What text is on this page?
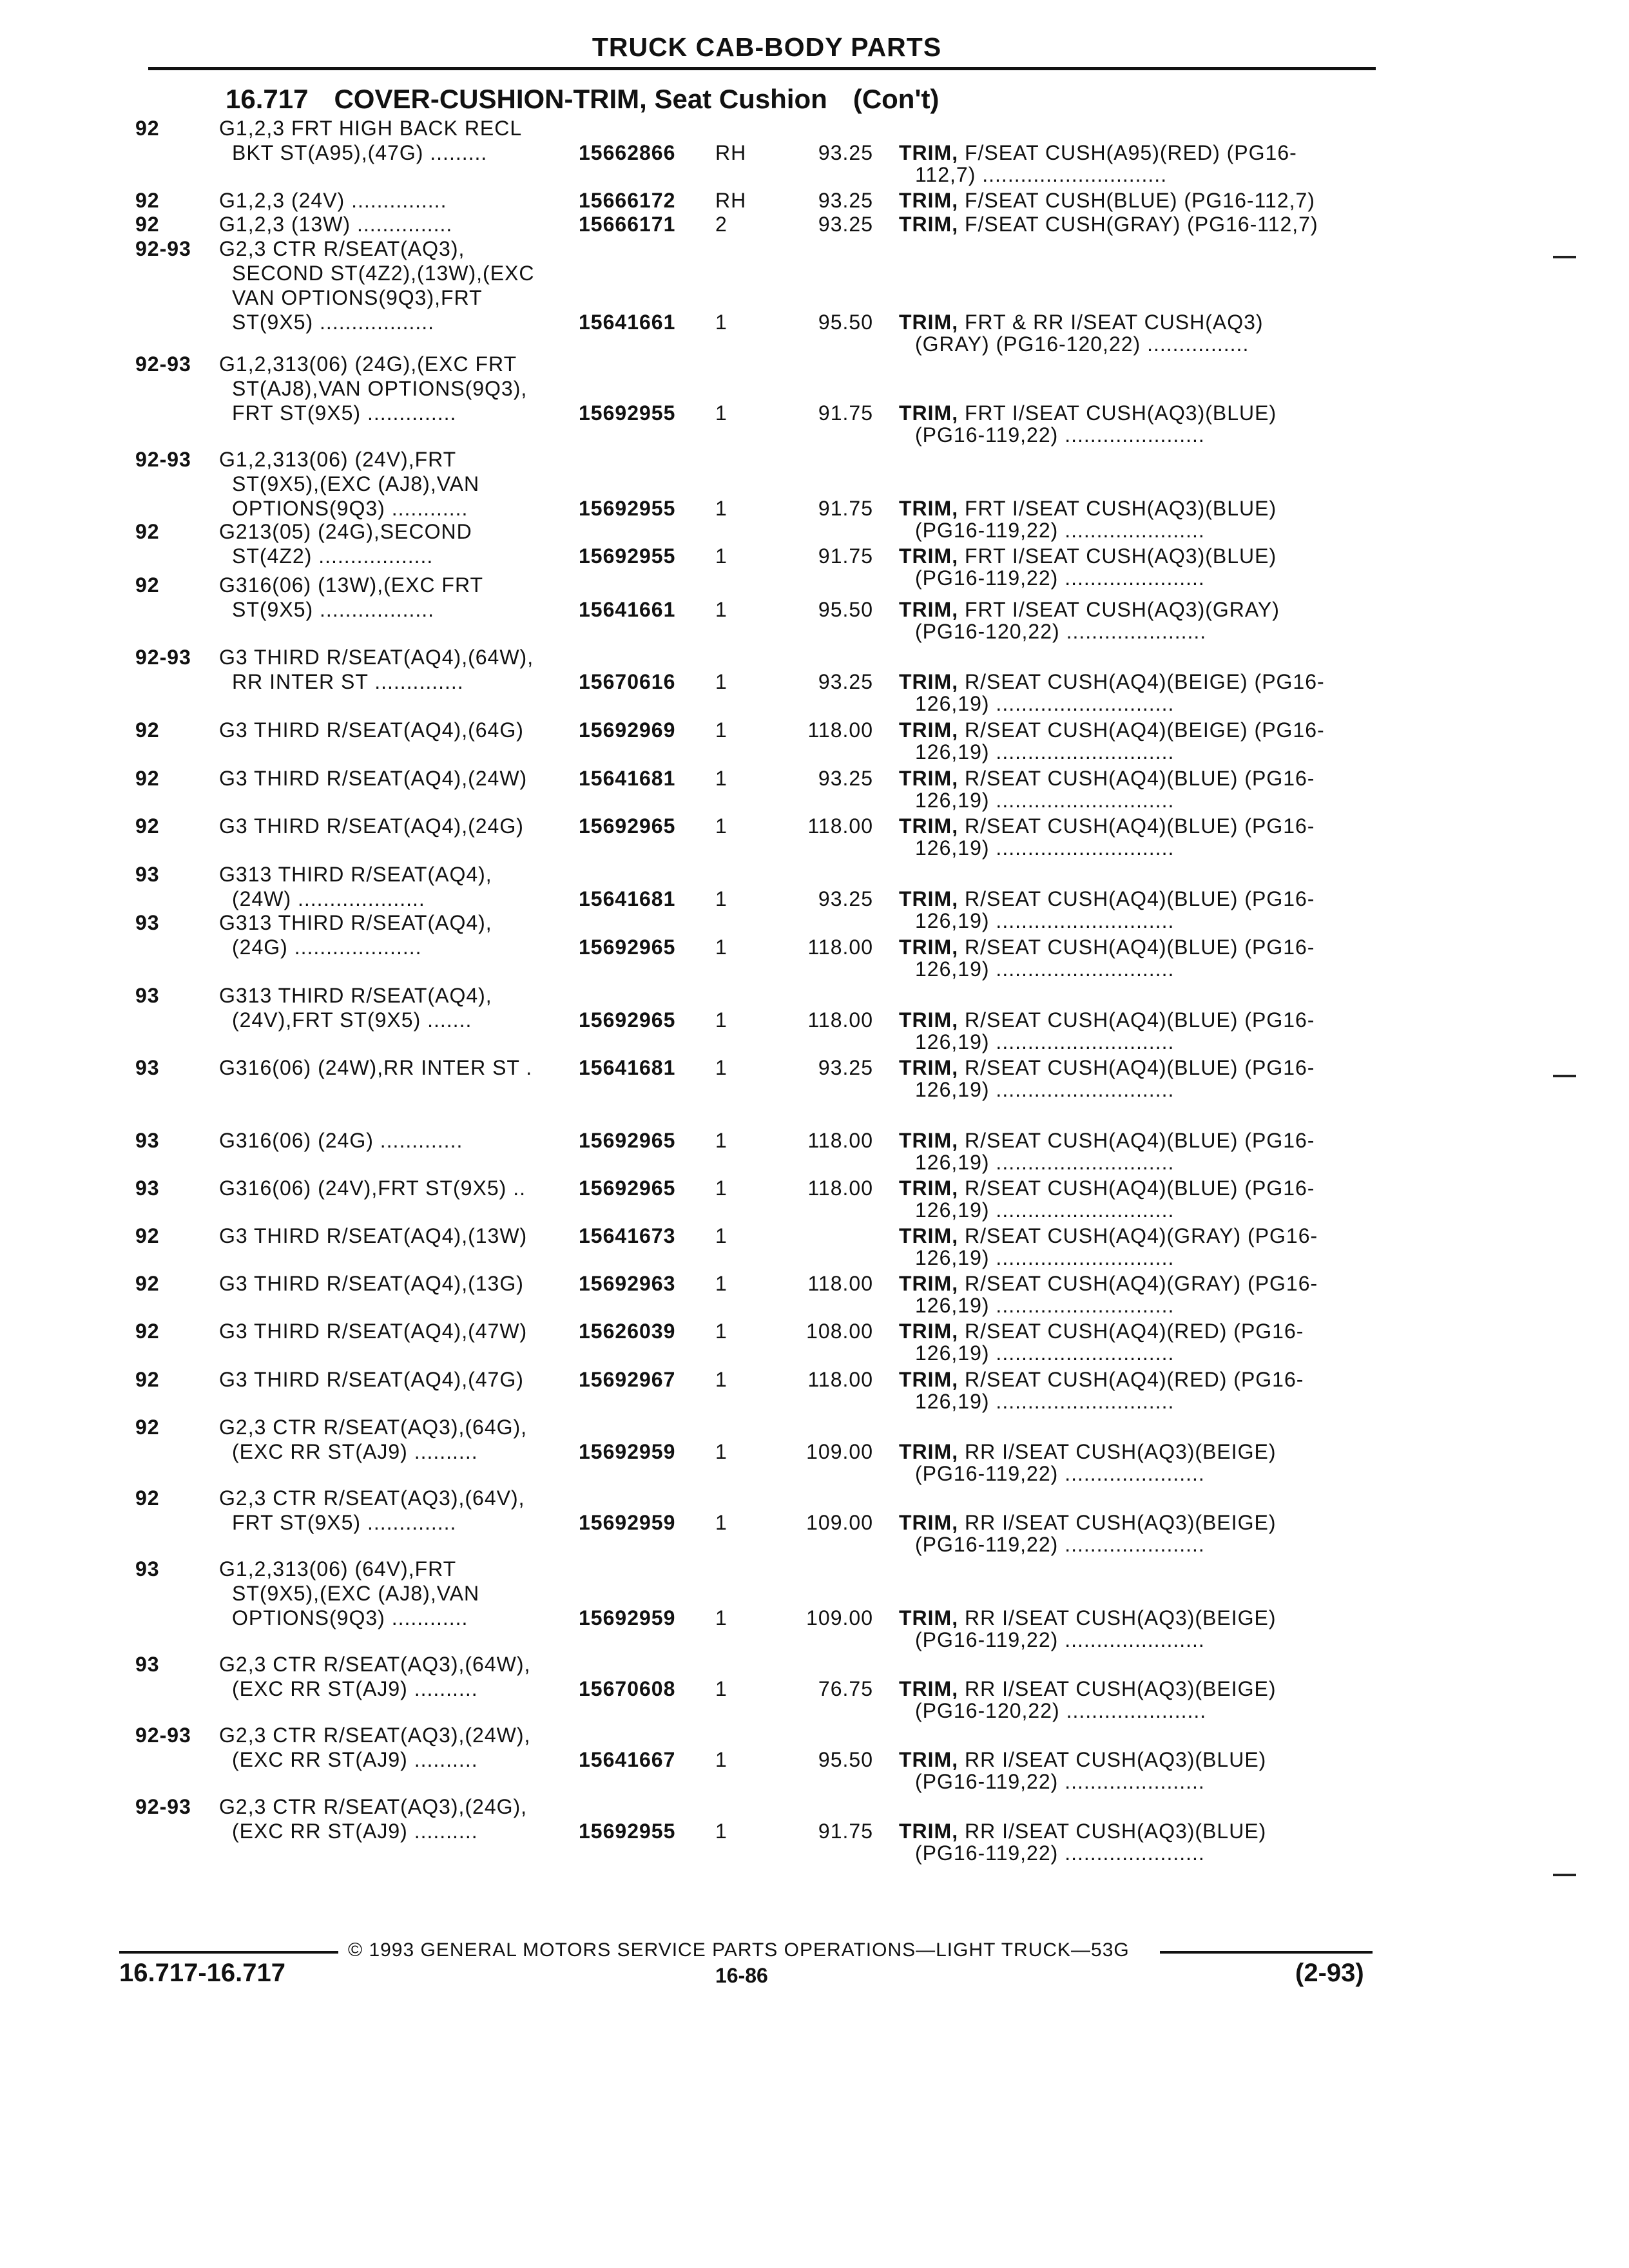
TRUCK CAB-BODY PARTS
16.717 COVER-CUSHION-TRIM, Seat Cushion (Con't)
92	G1,2,3 FRT HIGH BACK RECL
BKT ST(A95),(47G) .........	15662866 RH	93.25 TRIM, F/SEAT CUSH(A95)(RED) (PG16-
112,7) .............................
92	G1,2,3 (24V) ...............	15666172 RH	93.25 TRIM, F/SEAT CUSH(BLUE) (PG16-112,7)
92	G1,2,3 (13W) ...............	15666171 2	93.25 TRIM, F/SEAT CUSH(GRAY) (PG16-112,7)
92-93 G2,3 CTR R/SEAT(AQ3),
SECOND ST(4Z2),(13W),(EXC
VAN OPTIONS(9Q3),FRT
ST(9X5) ..................	15641661 1	95.50 TRIM, FRT & RR I/SEAT CUSH(AQ3)
(GRAY) (PG16-120,22) ................
92-93 G1,2,313(06) (24G),(EXC FRT
ST(AJ8),VAN OPTIONS(9Q3),
FRT ST(9X5) ..............	15692955 1	91.75 TRIM, FRT I/SEAT CUSH(AQ3)(BLUE)
(PG16-119,22) ......................
92-93 G1,2,313(06) (24V),FRT
ST(9X5),(EXC (AJ8),VAN
OPTIONS(9Q3) ............	15692955 1	91.75 TRIM, FRT I/SEAT CUSH(AQ3)(BLUE)
(PG16-119,22) ......................
92	G213(05) (24G),SECOND
ST(4Z2) ..................	15692955 1	91.75 TRIM, FRT I/SEAT CUSH(AQ3)(BLUE)
(PG16-119,22) ......................
92	G316(06) (13W),(EXC FRT
ST(9X5) ..................	15641661 1	95.50 TRIM, FRT I/SEAT CUSH(AQ3)(GRAY)
(PG16-120,22) ......................
92-93 G3 THIRD R/SEAT(AQ4),(64W),
RR INTER ST ..............	15670616 1	93.25 TRIM, R/SEAT CUSH(AQ4)(BEIGE) (PG16-
126,19) ............................
92	G3 THIRD R/SEAT(AQ4),(64G)	15692969 1	118.00 TRIM, R/SEAT CUSH(AQ4)(BEIGE) (PG16-
126,19) ............................
92	G3 THIRD R/SEAT(AQ4),(24W) 15641681 1	93.25 TRIM, R/SEAT CUSH(AQ4)(BLUE) (PG16-
126,19) ............................
92	G3 THIRD R/SEAT(AQ4),(24G)	15692965 1	118.00 TRIM, R/SEAT CUSH(AQ4)(BLUE) (PG16-
126,19) ............................
93	G313 THIRD R/SEAT(AQ4),
(24W) ....................	15641681 1	93.25 TRIM, R/SEAT CUSH(AQ4)(BLUE) (PG16-
126,19) ............................
93	G313 THIRD R/SEAT(AQ4),
(24G) ....................	15692965 1	118.00 TRIM, R/SEAT CUSH(AQ4)(BLUE) (PG16-
126,19) ............................
93	G313 THIRD R/SEAT(AQ4),
(24V),FRT ST(9X5) .......	15692965 1	118.00 TRIM, R/SEAT CUSH(AQ4)(BLUE) (PG16-
126,19) ............................
93	G316(06) (24W),RR INTER ST . 15641681 1	93.25 TRIM, R/SEAT CUSH(AQ4)(BLUE) (PG16-
126,19) ............................
93	G316(06) (24G) .............	15692965 1	118.00 TRIM, R/SEAT CUSH(AQ4)(BLUE) (PG16-
126,19) ............................
93	G316(06) (24V),FRT ST(9X5) ..	15692965 1	118.00 TRIM, R/SEAT CUSH(AQ4)(BLUE) (PG16-
126,19) ............................
92	G3 THIRD R/SEAT(AQ4),(13W) 15641673 1	TRIM, R/SEAT CUSH(AQ4)(GRAY) (PG16-
126,19) ............................
92	G3 THIRD R/SEAT(AQ4),(13G)	15692963 1	118.00 TRIM, R/SEAT CUSH(AQ4)(GRAY) (PG16-
126,19) ............................
92	G3 THIRD R/SEAT(AQ4),(47W) 15626039 1	108.00 TRIM, R/SEAT CUSH(AQ4)(RED) (PG16-
126,19) ............................
92	G3 THIRD R/SEAT(AQ4),(47G)	15692967 1	118.00 TRIM, R/SEAT CUSH(AQ4)(RED) (PG16-
126,19) ............................
92	G2,3 CTR R/SEAT(AQ3),(64G),
(EXC RR ST(AJ9) ..........	15692959 1	109.00 TRIM, RR I/SEAT CUSH(AQ3)(BEIGE)
(PG16-119,22) ......................
92	G2,3 CTR R/SEAT(AQ3),(64V),
FRT ST(9X5) ..............	15692959 1	109.00 TRIM, RR I/SEAT CUSH(AQ3)(BEIGE)
(PG16-119,22) ......................
93	G1,2,313(06) (64V),FRT
ST(9X5),(EXC (AJ8),VAN
OPTIONS(9Q3) ............	15692959 1	109.00 TRIM, RR I/SEAT CUSH(AQ3)(BEIGE)
(PG16-119,22) ......................
93	G2,3 CTR R/SEAT(AQ3),(64W),
(EXC RR ST(AJ9) ..........	15670608 1	76.75 TRIM, RR I/SEAT CUSH(AQ3)(BEIGE)
(PG16-120,22) ......................
92-93 G2,3 CTR R/SEAT(AQ3),(24W),
(EXC RR ST(AJ9) ..........	15641667 1	95.50 TRIM, RR I/SEAT CUSH(AQ3)(BLUE)
(PG16-119,22) ......................
92-93 G2,3 CTR R/SEAT(AQ3),(24G),
(EXC RR ST(AJ9) ..........	15692955 1	91.75 TRIM, RR I/SEAT CUSH(AQ3)(BLUE)
(PG16-119,22) ......................
© 1993 GENERAL MOTORS SERVICE PARTS OPERATIONS—LIGHT TRUCK—53G
16.717-16.717	16-86	(2-93)
